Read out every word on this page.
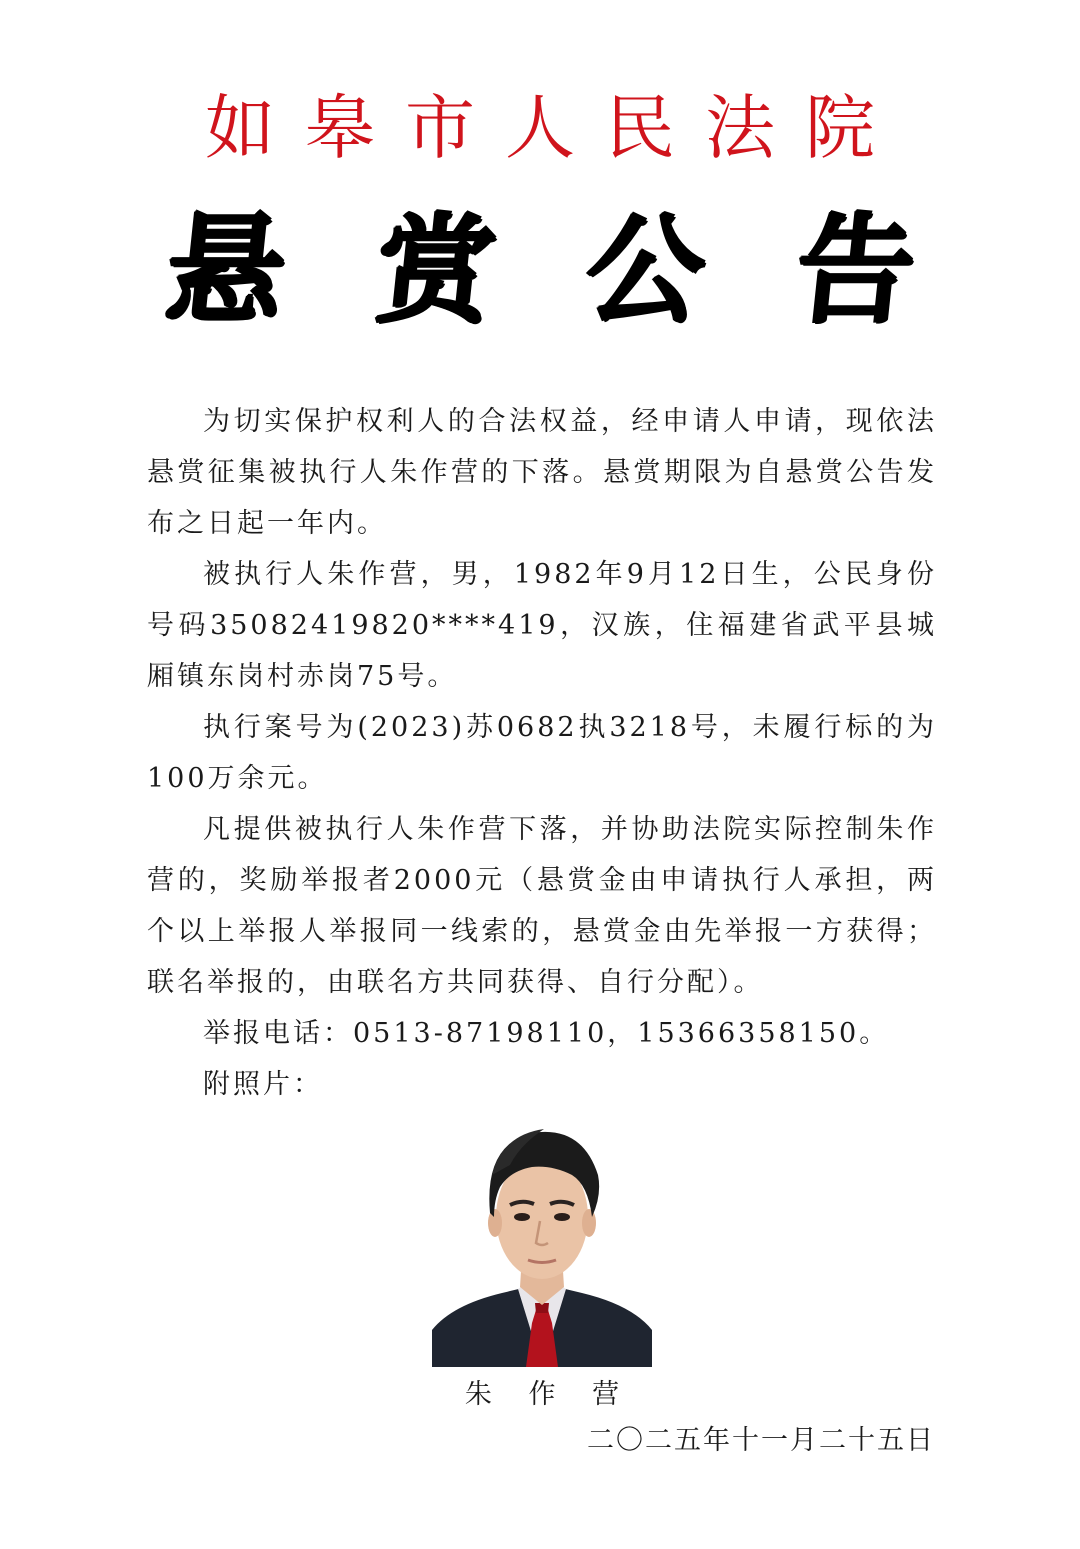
如皋市人民法院
悬 赏 公 告

为切实保护权利人的合法权益，经申请人申请，现依法悬赏征集被执行人朱作营的下落。悬赏期限为自悬赏公告发布之日起一年内。

被执行人朱作营，男，1982年9月12日生，公民身份号码35082419820****419，汉族，住福建省武平县城厢镇东岗村赤岗75号。

执行案号为(2023)苏0682执3218号，未履行标的为100万余元。

凡提供被执行人朱作营下落，并协助法院实际控制朱作营的，奖励举报者2000元（悬赏金由申请执行人承担，两个以上举报人举报同一线索的，悬赏金由先举报一方获得；联名举报的，由联名方共同获得、自行分配）。

举报电话：0513-87198110，15366358150。

附照片：

朱 作 营
二〇二五年十一月二十五日
